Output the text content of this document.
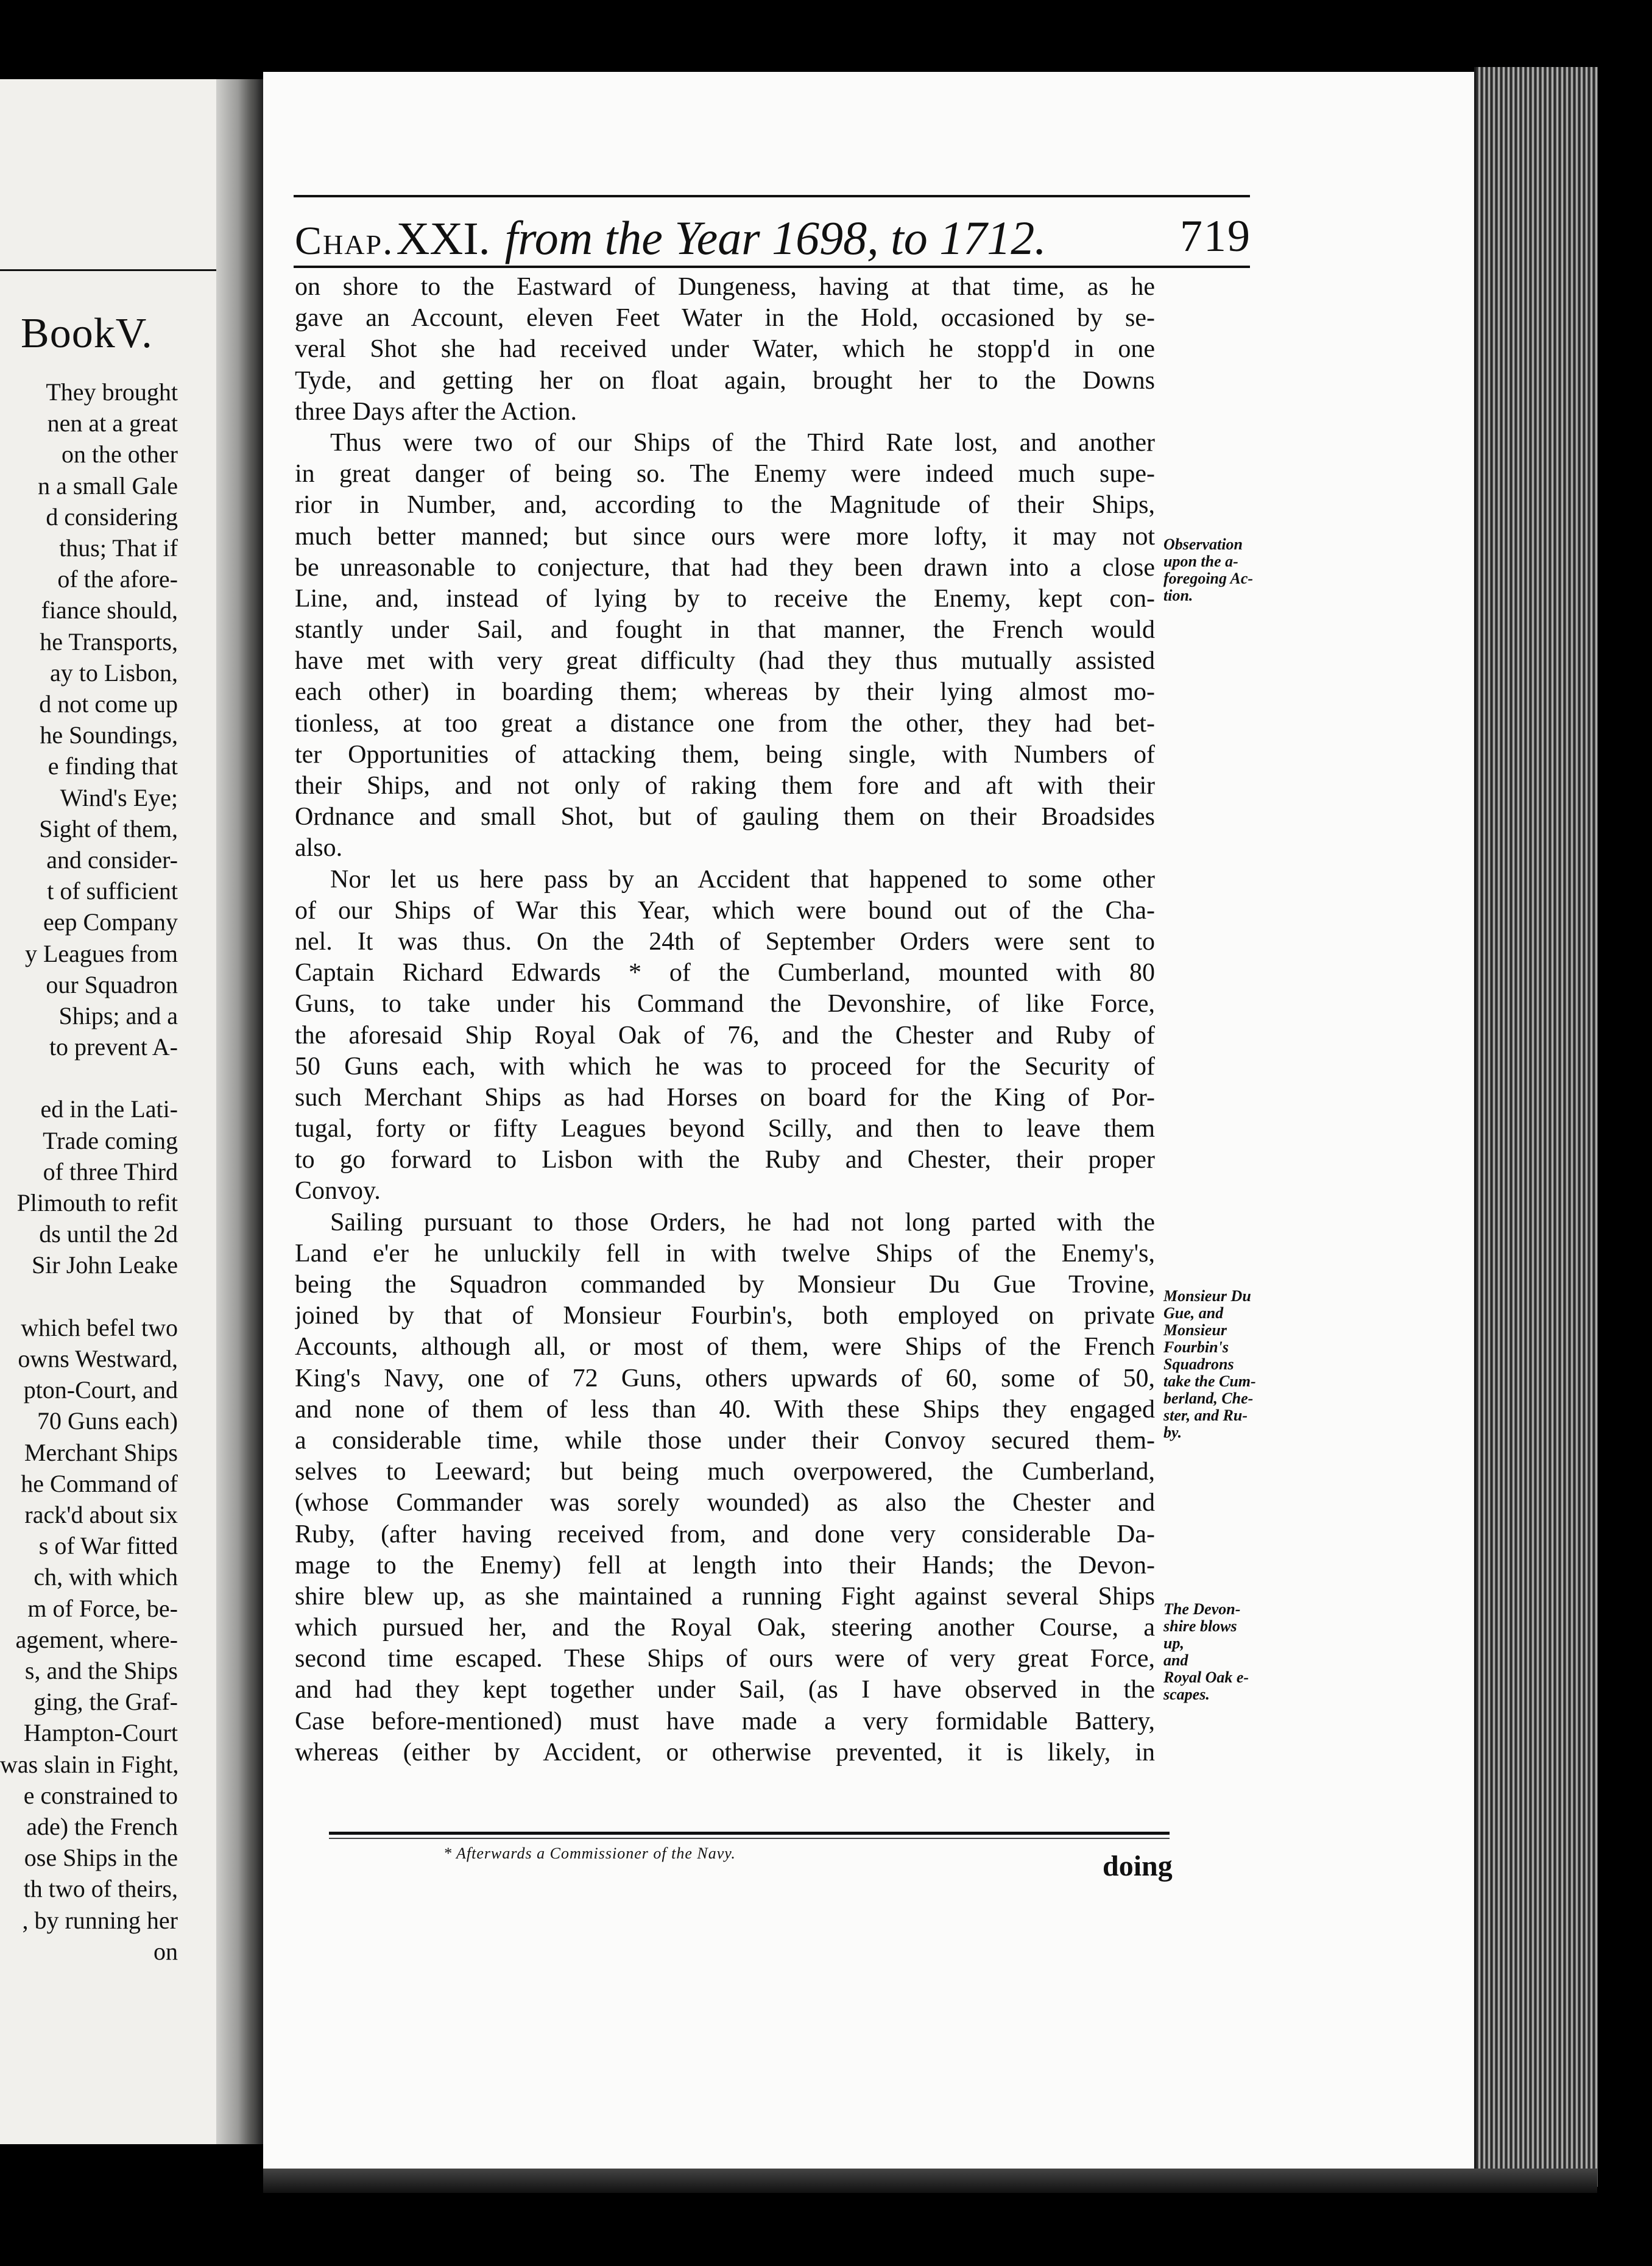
BookV.
They brought
nen at a great
on the other
n a small Gale
d considering
thus; That if
of the afore-
fiance should,
he Transports,
ay to Lisbon,
d not come up
he Soundings,
e finding that
Wind's Eye;
Sight of them,
and consider-
t of sufficient
eep Company
y Leagues from
our Squadron
Ships; and a
to prevent A-
ed in the Lati-
Trade coming
of three Third
Plimouth to refit
ds until the 2d
Sir John Leake
which befel two
owns Westward,
pton-Court, and
70 Guns each)
Merchant Ships
he Command of
rack'd about six
s of War fitted
ch, with which
m of Force, be-
agement, where-
s, and the Ships
ging, the Graf-
Hampton-Court
was slain in Fight,
e constrained to
ade) the French
ose Ships in the
th two of theirs,
, by running her
on
Chap. XXI. from the Year 1698, to 1712.	719
on shore to the Eastward of Dungeness, having at that time, as he
gave an Account, eleven Feet Water in the Hold, occasioned by se-
veral Shot she had received under Water, which he stopp'd in one
Tyde, and getting her on float again, brought her to the Downs
three Days after the Action.
Thus were two of our Ships of the Third Rate lost, and another
in great danger of being so. The Enemy were indeed much supe-
rior in Number, and, according to the Magnitude of their Ships,
much better manned; but since ours were more lofty, it may not
be unreasonable to conjecture, that had they been drawn into a close
Line, and, instead of lying by to receive the Enemy, kept con-
stantly under Sail, and fought in that manner, the French would
have met with very great difficulty (had they thus mutually assisted
each other) in boarding them; whereas by their lying almost mo-
tionless, at too great a distance one from the other, they had bet-
ter Opportunities of attacking them, being single, with Numbers of
their Ships, and not only of raking them fore and aft with their
Ordnance and small Shot, but of gauling them on their Broadsides
also.
Nor let us here pass by an Accident that happened to some other
of our Ships of War this Year, which were bound out of the Cha-
nel. It was thus. On the 24th of September Orders were sent to
Captain Richard Edwards * of the Cumberland, mounted with 80
Guns, to take under his Command the Devonshire, of like Force,
the aforesaid Ship Royal Oak of 76, and the Chester and Ruby of
50 Guns each, with which he was to proceed for the Security of
such Merchant Ships as had Horses on board for the King of Por-
tugal, forty or fifty Leagues beyond Scilly, and then to leave them
to go forward to Lisbon with the Ruby and Chester, their proper
Convoy.
Sailing pursuant to those Orders, he had not long parted with the
Land e'er he unluckily fell in with twelve Ships of the Enemy's,
being the Squadron commanded by Monsieur Du Gue Trovine,
joined by that of Monsieur Fourbin's, both employed on private
Accounts, although all, or most of them, were Ships of the French
King's Navy, one of 72 Guns, others upwards of 60, some of 50,
and none of them of less than 40. With these Ships they engaged
a considerable time, while those under their Convoy secured them-
selves to Leeward; but being much overpowered, the Cumberland,
(whose Commander was sorely wounded) as also the Chester and
Ruby, (after having received from, and done very considerable Da-
mage to the Enemy) fell at length into their Hands; the Devon-
shire blew up, as she maintained a running Fight against several Ships
which pursued her, and the Royal Oak, steering another Course, a
second time escaped. These Ships of ours were of very great Force,
and had they kept together under Sail, (as I have observed in the
Case before-mentioned) must have made a very formidable Battery,
whereas (either by Accident, or otherwise prevented, it is likely, in
Observation
upon the a-
foregoing Ac-
tion.
Monsieur Du
Gue, and
Monsieur
Fourbin's
Squadrons
take the Cum-
berland, Che-
ster, and Ru-
by.
The Devon-
shire blows
up,
and
Royal Oak e-
scapes.
* Afterwards a Commissioner of the Navy.	doing
